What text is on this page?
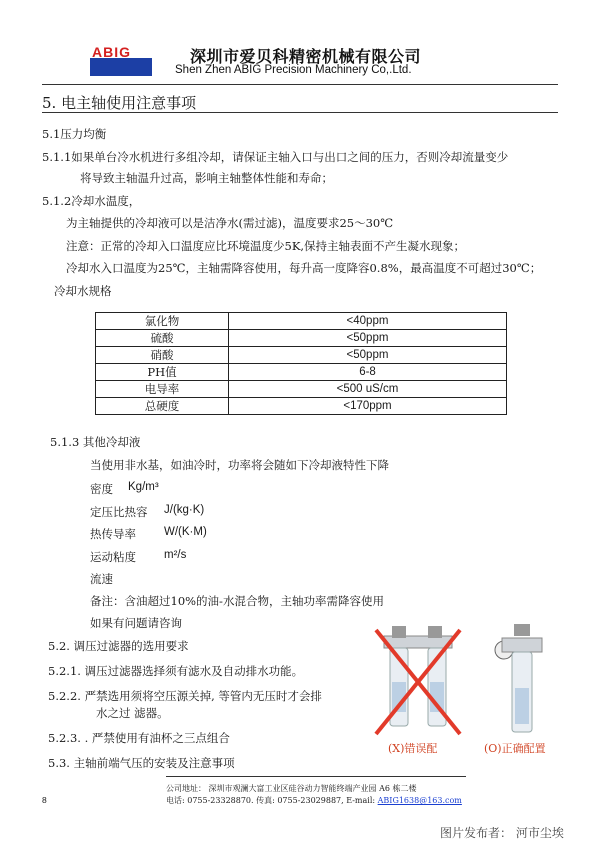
ABIG	深圳市爱贝科精密机械有限公司
Shen Zhen ABIG Precision Machinery Co,.Ltd.
5. 电主轴使用注意事项
5.1压力均衡
5.1.1如果单台冷水机进行多组冷却，请保证主轴入口与出口之间的压力，否则冷却流量变少
将导致主轴温升过高，影响主轴整体性能和寿命；
5.1.2冷却水温度，
为主轴提供的冷却液可以是洁净水(需过滤)，温度要求25～30℃
注意：正常的冷却入口温度应比环境温度少5K,保持主轴表面不产生凝水现象；
冷却水入口温度为25℃，主轴需降容使用，每升高一度降容0.8%，最高温度不可超过30℃；
冷却水规格
氯化物	<40ppm
硫酸	<50ppm
硝酸	<50ppm
PH值	6-8
电导率	<500 uS/cm
总硬度	<170ppm
5.1.3 其他冷却液
当使用非水基，如油冷时，功率将会随如下冷却液特性下降
密度 Kg/m³
定压比热容 J/(kg·K)
热传导率 W/(K·M)
运动粘度 m²/s
流速
备注：含油超过10%的油-水混合物，主轴功率需降容使用
如果有问题请咨询
5.2. 调压过滤器的选用要求
5.2.1. 调压过滤器选择须有滤水及自动排水功能。
5.2.2. 严禁选用须将空压源关掉, 等管内无压时才会排
水之过 滤器。
5.2.3. . 严禁使用有油杯之三点组合
5.3. 主轴前端气压的安装及注意事项
(X)错误配	(O)正确配置
公司地址： 深圳市观澜大富工业区硅谷动力智能终端产业园 A6 栋二楼
电话: 0755-23328870. 传真: 0755-23029887, E-mail: ABIG1638@163.com
8
图片发布者： 河市尘埃
